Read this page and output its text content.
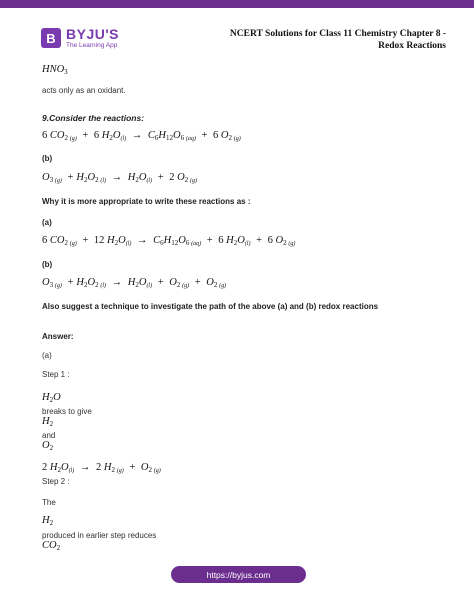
B BYJU'S
The Learning App
NCERT Solutions for Class 11 Chemistry Chapter 8 -
Redox Reactions
$HNO_3$
acts only as an oxidant.
9.Consider the reactions:
6 $CO_{2 (g)} + 6$ $H_2O_{(l)} \to C_6H_{12}O_{6 (aq)} + 6$ $O_{2 (g)}$
(b)
$O_{3 (g)} + H_2O_{2 (l)} \to H_2O_{(l)} + 2$ $O_{2 (g)}$
Why it is more appropriate to write these reactions as :
(a)
6 $CO_{2 (g)} + 12$ $H_2O_{(l)} \to C_6H_{12}O_{6 (aq)} + 6$ $H_2O_{(l)} + 6$ $O_{2 (g)}$
(b)
$O_{3 (g)} + H_2O_{2 (l)} \to H_2O_{(l)} + O_{2 (g)} + O_{2 (g)}$
Also suggest a technique to investigate the path of the above (a) and (b) redox reactions
Answer:
(a)
Step 1 :
$H_2O$
breaks to give
$H_2$
and
$O_2$
2 $H_2O_{(l)} \to 2$ $H_{2 (g)} + O_{2 (g)}$
Step 2 :
The
$H_2$
produced in earlier step reduces
$CO_2$
https://byjus.com
